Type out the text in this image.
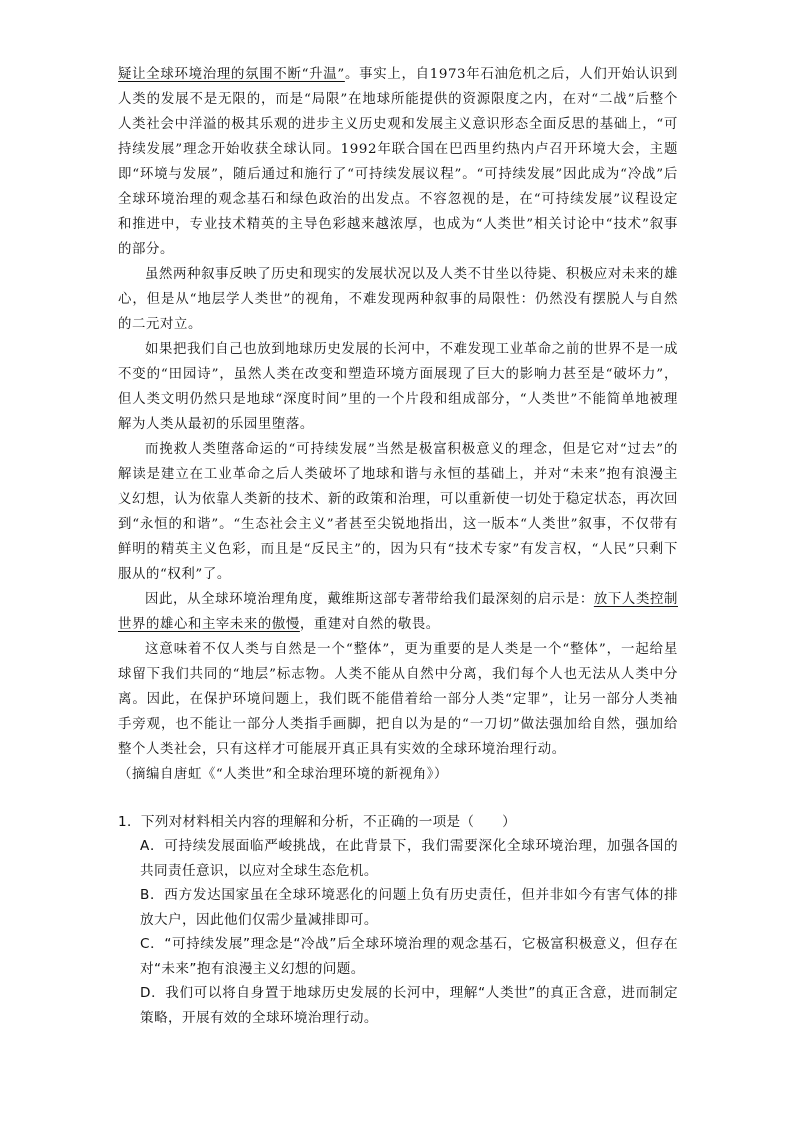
疑让全球环境治理的氛围不断“升温”。事实上，自1973年石油危机之后，人们开始认识到人类的发展不是无限的，而是“局限”在地球所能提供的资源限度之内，在对“二战”后整个人类社会中洋溢的极其乐观的进步主义历史观和发展主义意识形态全面反思的基础上，“可持续发展”理念开始收获全球认同。1992年联合国在巴西里约热内卢召开环境大会，主题即“环境与发展”，随后通过和施行了“可持续发展议程”。“可持续发展”因此成为“冷战”后全球环境治理的观念基石和绿色政治的出发点。不容忽视的是，在“可持续发展”议程设定和推进中，专业技术精英的主导色彩越来越浓厚，也成为“人类世”相关讨论中“技术”叙事的部分。

虽然两种叙事反映了历史和现实的发展状况以及人类不甘坐以待毙、积极应对未来的雄心，但是从“地层学人类世”的视角，不难发现两种叙事的局限性：仍然没有摆脱人与自然的二元对立。

如果把我们自己也放到地球历史发展的长河中，不难发现工业革命之前的世界不是一成不变的“田园诗”，虽然人类在改变和塑造环境方面展现了巨大的影响力甚至是“破坏力”，但人类文明仍然只是地球“深度时间”里的一个片段和组成部分，“人类世”不能简单地被理解为人类从最初的乐园里堕落。

而挽救人类堕落命运的“可持续发展”当然是极富积极意义的理念，但是它对“过去”的解读是建立在工业革命之后人类破坏了地球和谐与永恒的基础上，并对“未来”抱有浪漫主义幻想，认为依靠人类新的技术、新的政策和治理，可以重新使一切处于稳定状态，再次回到“永恒的和谐”。“生态社会主义”者甚至尖锐地指出，这一版本“人类世”叙事，不仅带有鲜明的精英主义色彩，而且是“反民主”的，因为只有“技术专家”有发言权，“人民”只剩下服从的“权利”了。

因此，从全球环境治理角度，戴维斯这部专著带给我们最深刻的启示是：放下人类控制世界的雄心和主宰未来的傲慢，重建对自然的敬畏。

这意味着不仅人类与自然是一个“整体”，更为重要的是人类是一个“整体”，一起给星球留下我们共同的“地层”标志物。人类不能从自然中分离，我们每个人也无法从人类中分离。因此，在保护环境问题上，我们既不能借着给一部分人类“定罪”，让另一部分人类袖手旁观，也不能让一部分人类指手画脚，把自以为是的“一刀切”做法强加给自然，强加给整个人类社会，只有这样才可能展开真正具有实效的全球环境治理行动。

（摘编自唐虹《“人类世”和全球治理环境的新视角》）

1．下列对材料相关内容的理解和分析，不正确的一项是（　　）

A．可持续发展面临严峻挑战，在此背景下，我们需要深化全球环境治理，加强各国的共同责任意识，以应对全球生态危机。

B．西方发达国家虽在全球环境恶化的问题上负有历史责任，但并非如今有害气体的排放大户，因此他们仅需少量减排即可。

C．“可持续发展”理念是“冷战”后全球环境治理的观念基石，它极富积极意义，但存在对“未来”抱有浪漫主义幻想的问题。

D．我们可以将自身置于地球历史发展的长河中，理解“人类世”的真正含意，进而制定策略，开展有效的全球环境治理行动。
